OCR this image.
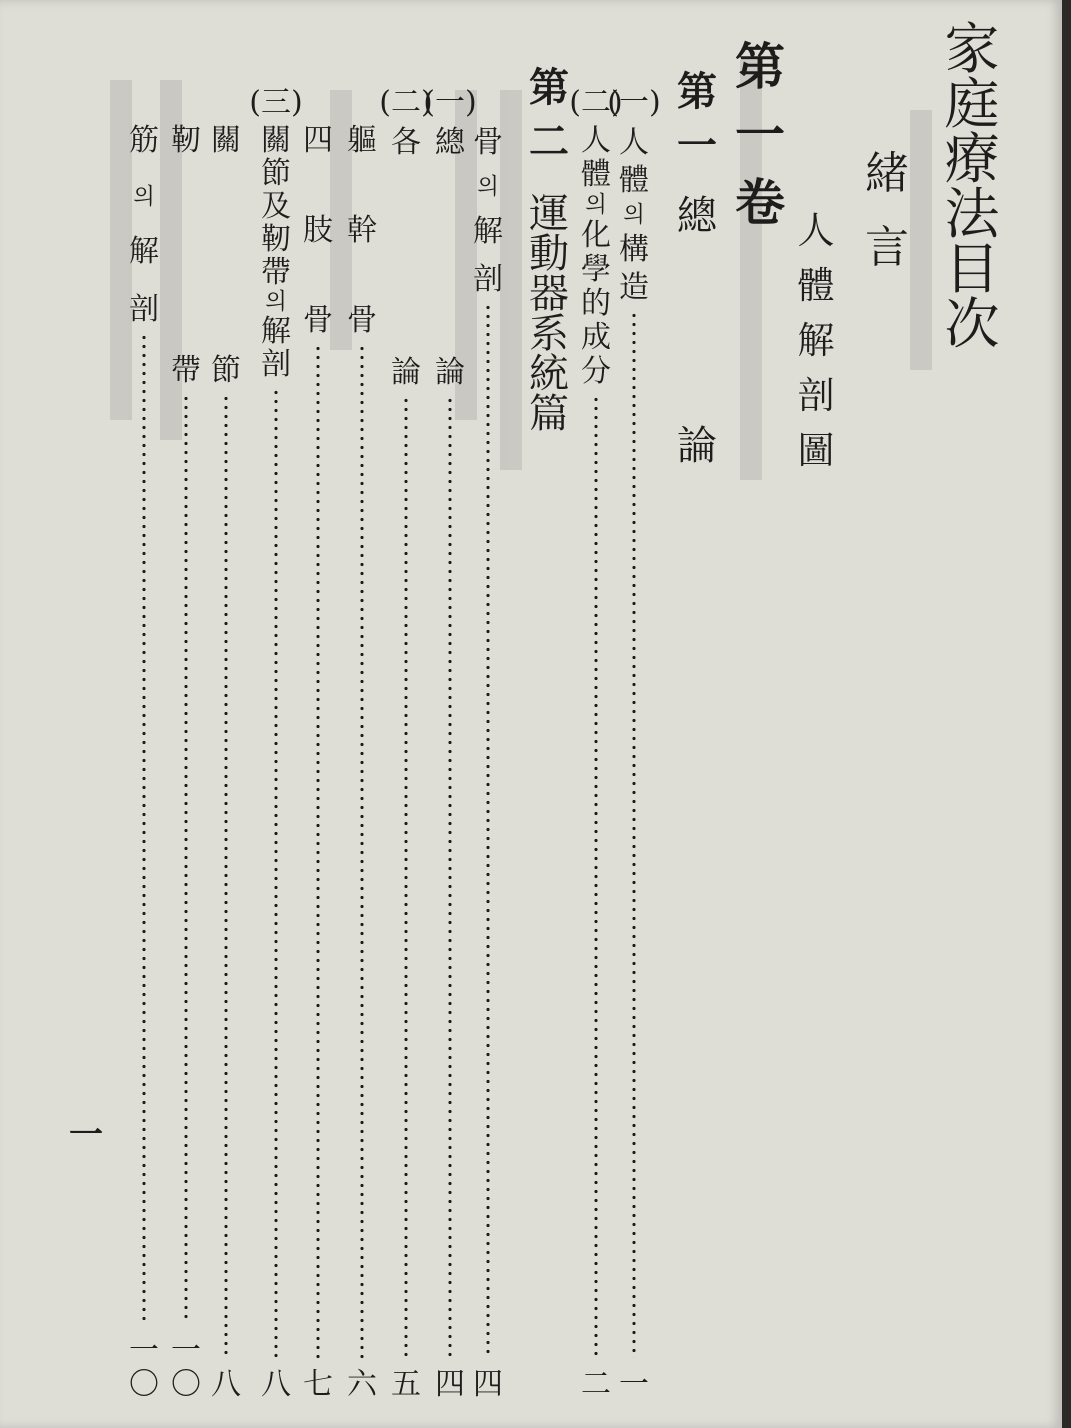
家
庭
療
法
目
次
緒
言
人
體
解
剖
圖
第
一
卷
第
一
總
論
第
二
運
動
器
系
統
篇
(一)
人
體
의
構
造
一
(二)
人
體
의
化
學
的
成
分
二
骨
의
解
剖
四
(一)
總
論
四
(二)
各
論
五
軀
幹
骨
六
四
肢
骨
七
(三)
關
節
及
靭
帶
의
解
剖
八
關
節
八
靭
帶
一
〇
筋
의
解
剖
一
〇
一
